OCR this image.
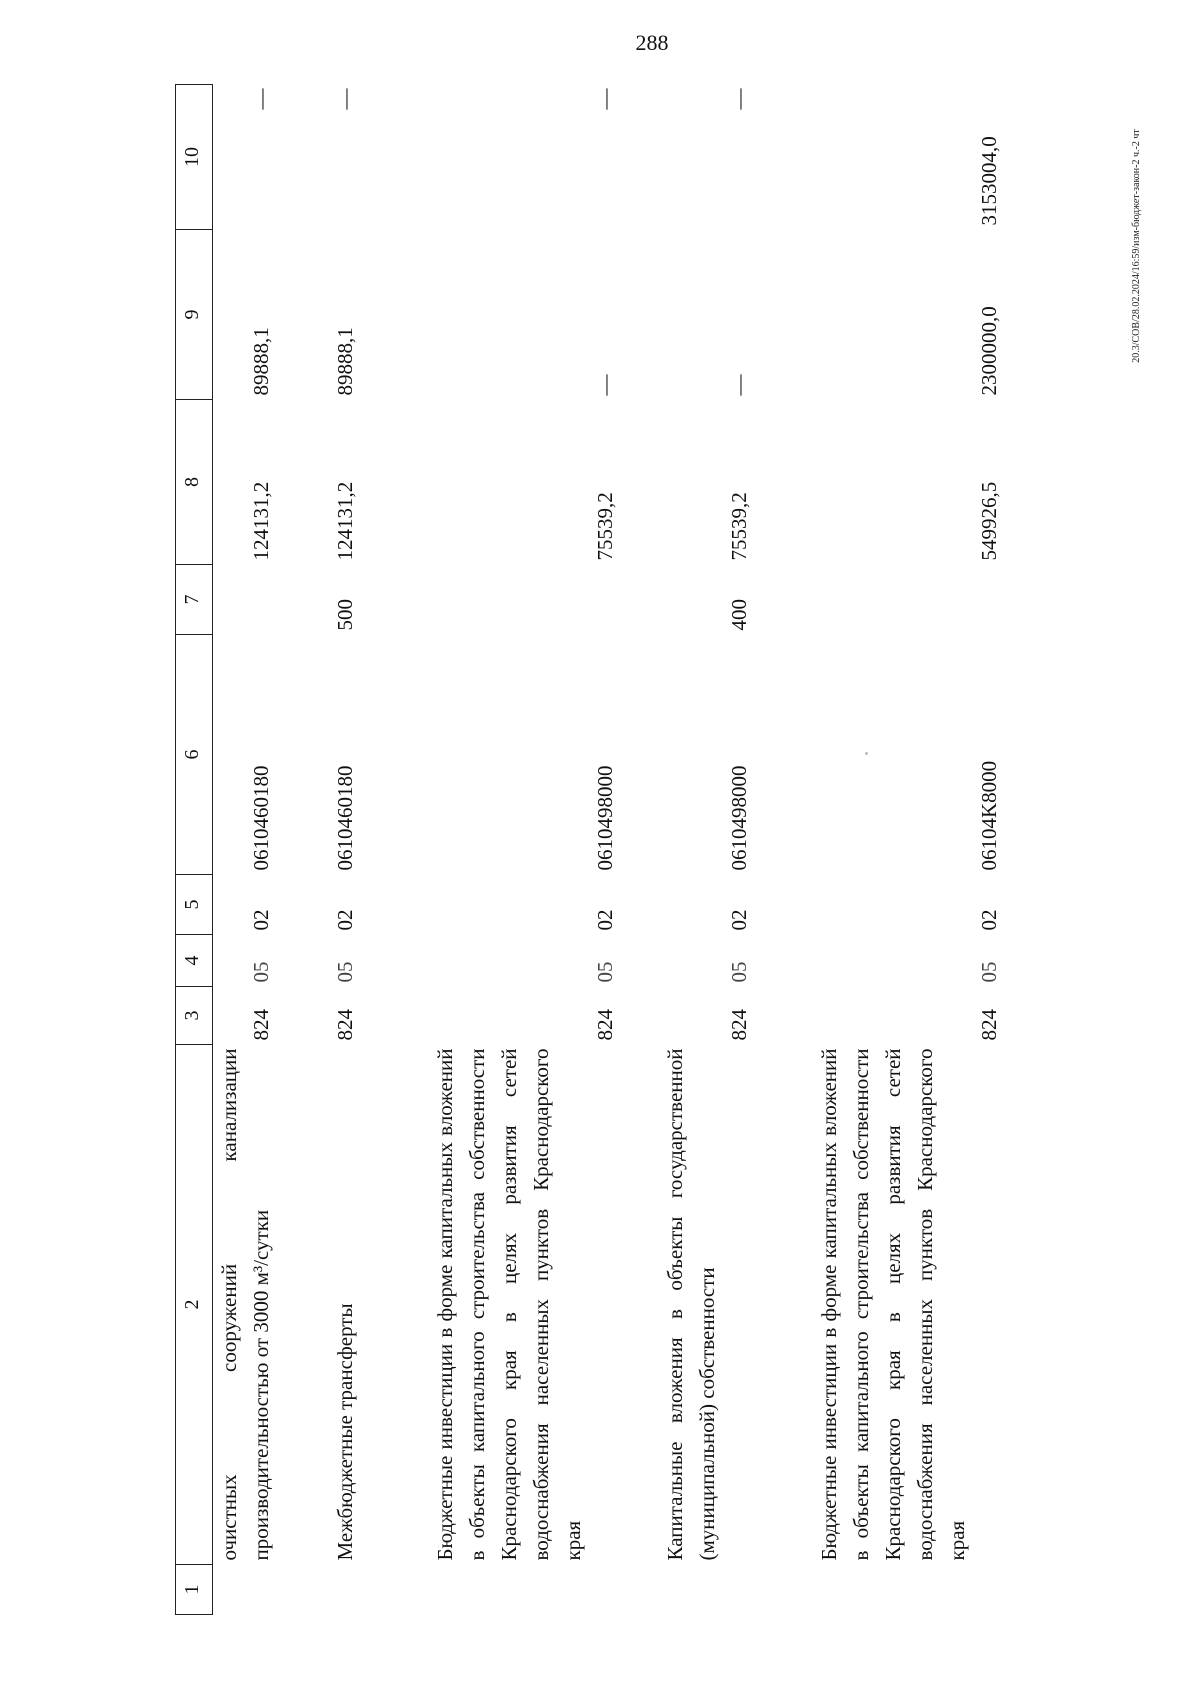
288
20.3/СОВ/28.02.2024/16:59/изм-бюджет-закон-2 ч.-2 чт
1	2	3	4	5	6	7	8	9	10
	очистных сооружений канализации производительностью от 3000 м³/сутки	824	05	02	0610460180		124131,2	89888,1	—
	Межбюджетные трансферты	824	05	02	0610460180	500	124131,2	89888,1	—
	Бюджетные инвестиции в форме капитальных вложений в объекты капитального строительства собственности Краснодарского края в целях развития сетей водоснабжения населенных пунктов Краснодарского края	824	05	02	0610498000		75539,2	—	—
	Капитальные вложения в объекты государственной (муниципальной) собственности	824	05	02	0610498000	400	75539,2	—	—
	Бюджетные инвестиции в форме капитальных вложений в объекты капитального строительства собственности Краснодарского края в целях развития сетей водоснабжения населенных пунктов Краснодарского края	824	05	02	06104K8000		549926,5	2300000,0	3153004,0
